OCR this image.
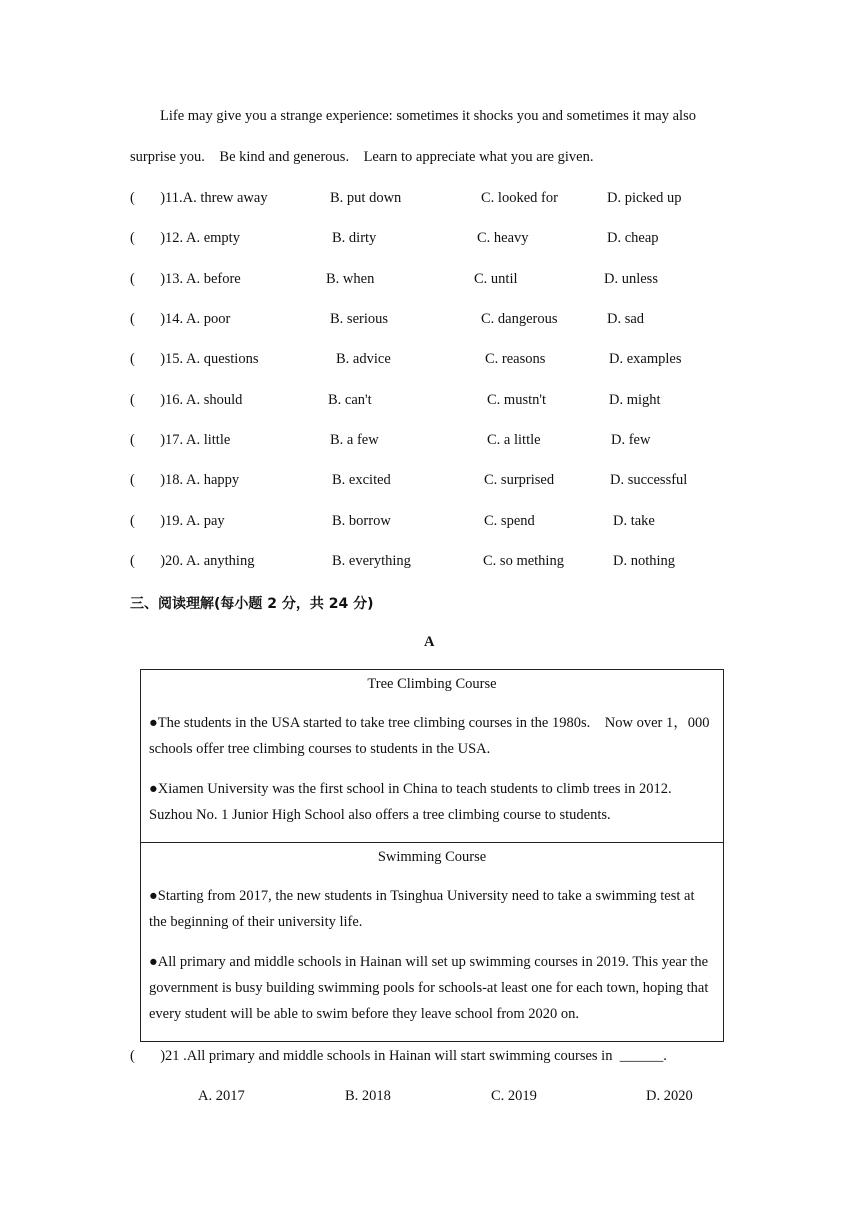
Life may give you a strange experience: sometimes it shocks you and sometimes it may also
surprise you.    Be kind and generous.    Learn to appreciate what you are given.
(       )11.A. threw away	B. put down	C. looked for	D. picked up
(       )12. A. empty	B. dirty	C. heavy	D. cheap
(       )13. A. before	B. when	C. until	D. unless
(       )14. A. poor	B. serious	C. dangerous	D. sad
(       )15. A. questions	B. advice	C. reasons	D. examples
(       )16. A. should	B. can't	C. mustn't	D. might
(       )17. A. little	B. a few	C. a little	D. few
(       )18. A. happy	B. excited	C. surprised	D. successful
(       )19. A. pay	B. borrow	C. spend	D. take
(       )20. A. anything	B. everything	C. so mething	D. nothing
三、阅读理解(每小题 2 分，共 24 分)
A
Tree Climbing Course
●The students in the USA started to take tree climbing courses in the 1980s.    Now over 1，000 schools offer tree climbing courses to students in the USA.
●Xiamen University was the first school in China to teach students to climb trees in 2012. Suzhou No. 1 Junior High School also offers a tree climbing course to students.
Swimming Course
●Starting from 2017, the new students in Tsinghua University need to take a swimming test at the beginning of their university life.
●All primary and middle schools in Hainan will set up swimming courses in 2019. This year the government is busy building swimming pools for schools-at least one for each town, hoping that every student will be able to swim before they leave school from 2020 on.
(       )21 .All primary and middle schools in Hainan will start swimming courses in  ______.
A. 2017	B. 2018	C. 2019	D. 2020
